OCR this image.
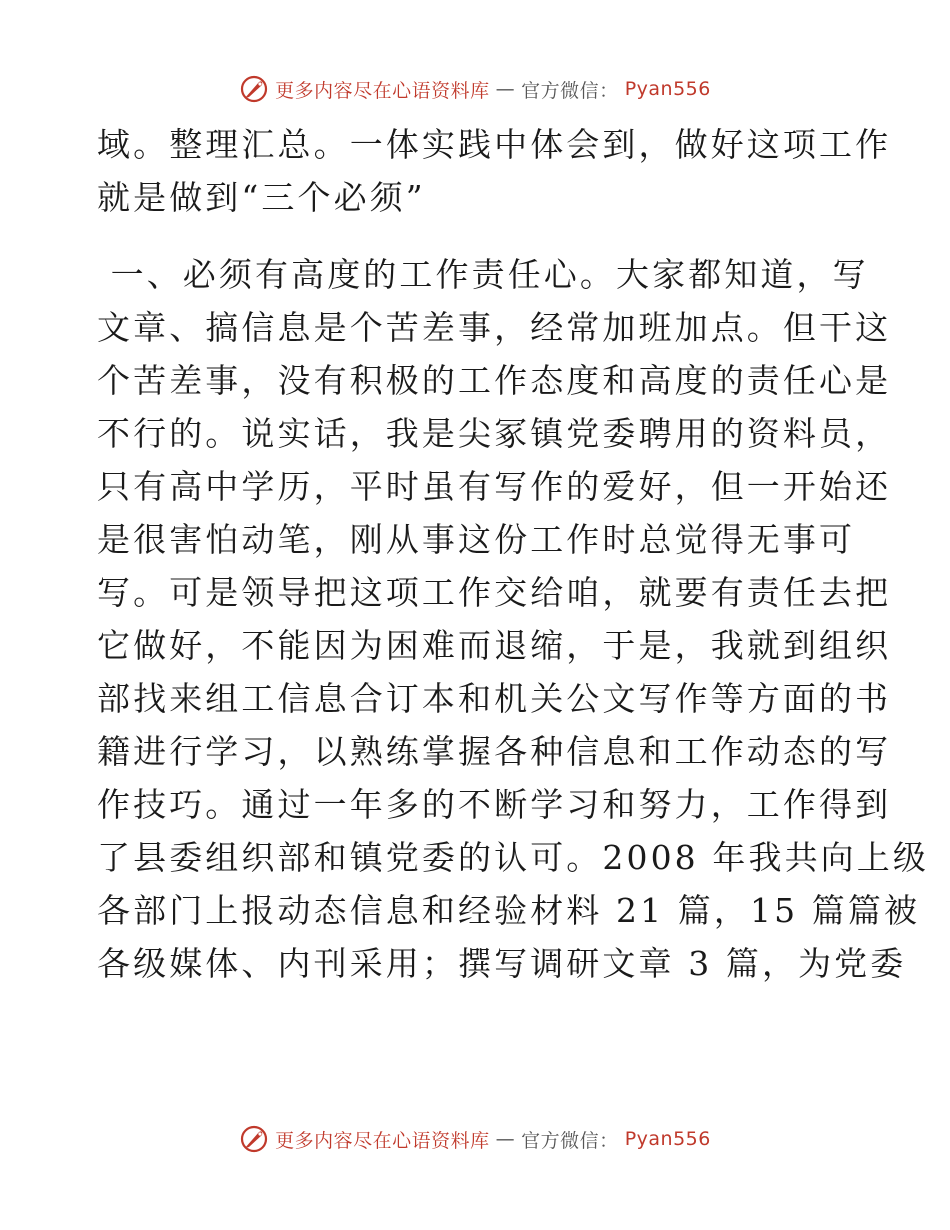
更多内容尽在心语资料库 — 官方微信： Pyan556
域。整理汇总。一体实践中体会到，做好这项工作
就是做到“三个必须”
一、必须有高度的工作责任心。大家都知道，写
文章、搞信息是个苦差事，经常加班加点。但干这
个苦差事，没有积极的工作态度和高度的责任心是
不行的。说实话，我是尖冢镇党委聘用的资料员，
只有高中学历，平时虽有写作的爱好，但一开始还
是很害怕动笔，刚从事这份工作时总觉得无事可
写。可是领导把这项工作交给咱，就要有责任去把
它做好，不能因为困难而退缩，于是，我就到组织
部找来组工信息合订本和机关公文写作等方面的书
籍进行学习，以熟练掌握各种信息和工作动态的写
作技巧。通过一年多的不断学习和努力，工作得到
了县委组织部和镇党委的认可。2008 年我共向上级
各部门上报动态信息和经验材料 21 篇，15 篇篇被
各级媒体、内刊采用；撰写调研文章 3 篇，为党委
更多内容尽在心语资料库 — 官方微信： Pyan556
